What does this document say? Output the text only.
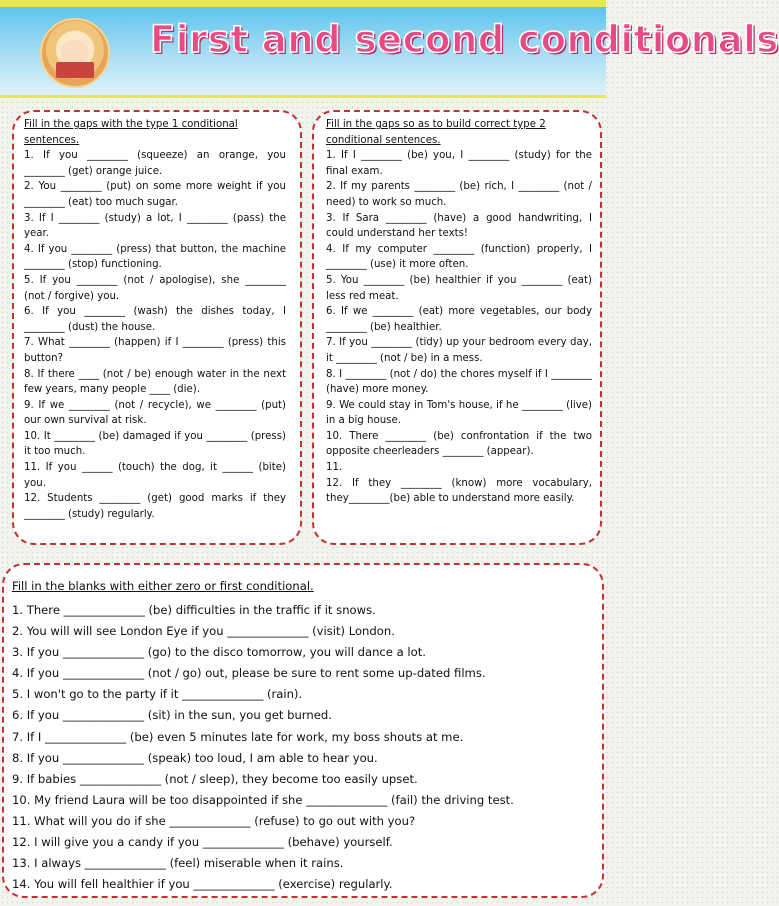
First and second conditionals
Fill in the gaps with the type 1 conditional sentences.
1. If you ________ (squeeze) an orange, you ________ (get) orange juice.
2. You ________ (put) on some more weight if you ________ (eat) too much sugar.
3. If I ________ (study) a lot, I ________ (pass) the year.
4. If you ________ (press) that button, the machine ________ (stop) functioning.
5. If you ________ (not / apologise), she ________ (not / forgive) you.
6. If you ________ (wash) the dishes today, I ________ (dust) the house.
7. What ________ (happen) if I ________ (press) this button?
8. If there ____ (not / be) enough water in the next few years, many people ____ (die).
9. If we ________ (not / recycle), we ________ (put) our own survival at risk.
10. It ________ (be) damaged if you ________ (press) it too much.
11. If you ______ (touch) the dog, it ______ (bite) you.
12. Students ________ (get) good marks if they ________ (study) regularly.
Fill in the gaps so as to build correct type 2 conditional sentences.
1. If I ________ (be) you, I ________ (study) for the final exam.
2. If my parents ________ (be) rich, I ________ (not / need) to work so much.
3. If Sara ________ (have) a good handwriting, I could understand her texts!
4. If my computer ________ (function) properly, I ________ (use) it more often.
5. You ________ (be) healthier if you ________ (eat) less red meat.
6. If we ________ (eat) more vegetables, our body ________ (be) healthier.
7. If you ________ (tidy) up your bedroom every day, it ________ (not / be) in a mess.
8. I ________ (not / do) the chores myself if I ________ (have) more money.
9. We could stay in Tom's house, if he ________ (live) in a big house.
10. There ________ (be) confrontation if the two opposite cheerleaders ________ (appear).
11.
12. If they ________ (know) more vocabulary, they________(be) able to understand more easily.
Fill in the blanks with either zero or first conditional.
1. There ______________ (be) difficulties in the traffic if it snows.
2. You will will see London Eye if you ______________ (visit) London.
3. If you ______________ (go) to the disco tomorrow, you will dance a lot.
4. If you ______________ (not / go) out, please be sure to rent some up-dated films.
5. I won't go to the party if it ______________ (rain).
6. If you ______________ (sit) in the sun, you get burned.
7. If I ______________ (be) even 5 minutes late for work, my boss shouts at me.
8. If you ______________ (speak) too loud, I am able to hear you.
9. If babies ______________ (not / sleep), they become too easily upset.
10. My friend Laura will be too disappointed if she ______________ (fail) the driving test.
11. What will you do if she ______________ (refuse) to go out with you?
12. I will give you a candy if you ______________ (behave) yourself.
13. I always ______________ (feel) miserable when it rains.
14. You will fell healthier if you ______________ (exercise) regularly.
